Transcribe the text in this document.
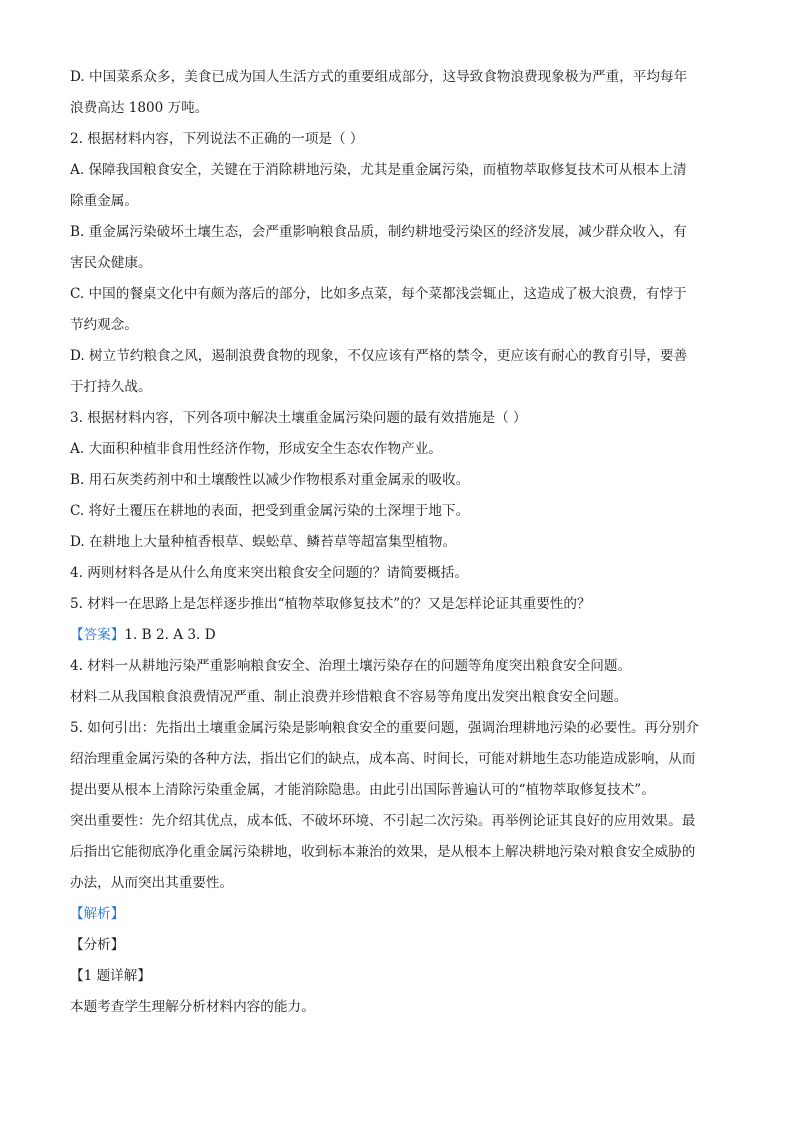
D. 中国菜系众多，美食已成为国人生活方式的重要组成部分，这导致食物浪费现象极为严重，平均每年
浪费高达 1800 万吨。
2. 根据材料内容，下列说法不正确的一项是（ ）
A. 保障我国粮食安全，关键在于消除耕地污染，尤其是重金属污染，而植物萃取修复技术可从根本上清
除重金属。
B. 重金属污染破坏土壤生态，会严重影响粮食品质，制约耕地受污染区的经济发展，减少群众收入，有
害民众健康。
C. 中国的餐桌文化中有颇为落后的部分，比如多点菜，每个菜都浅尝辄止，这造成了极大浪费，有悖于
节约观念。
D. 树立节约粮食之风，遏制浪费食物的现象，不仅应该有严格的禁令，更应该有耐心的教育引导，要善
于打持久战。
3. 根据材料内容，下列各项中解决土壤重金属污染问题的最有效措施是（ ）
A. 大面积种植非食用性经济作物，形成安全生态农作物产业。
B. 用石灰类药剂中和土壤酸性以减少作物根系对重金属汞的吸收。
C. 将好土覆压在耕地的表面，把受到重金属污染的土深埋于地下。
D. 在耕地上大量种植香根草、蜈蚣草、鳞苔草等超富集型植物。
4. 两则材料各是从什么角度来突出粮食安全问题的？请简要概括。
5. 材料一在思路上是怎样逐步推出“植物萃取修复技术”的？又是怎样论证其重要性的？
【答案】1. B 2. A 3. D
4. 材料一从耕地污染严重影响粮食安全、治理土壤污染存在的问题等角度突出粮食安全问题。
材料二从我国粮食浪费情况严重、制止浪费并珍惜粮食不容易等角度出发突出粮食安全问题。
5. 如何引出：先指出土壤重金属污染是影响粮食安全的重要问题，强调治理耕地污染的必要性。再分别介
绍治理重金属污染的各种方法，指出它们的缺点，成本高、时间长，可能对耕地生态功能造成影响，从而
提出要从根本上清除污染重金属，才能消除隐患。由此引出国际普遍认可的“植物萃取修复技术”。
突出重要性：先介绍其优点，成本低、不破坏环境、不引起二次污染。再举例论证其良好的应用效果。最
后指出它能彻底净化重金属污染耕地，收到标本兼治的效果，是从根本上解决耕地污染对粮食安全威胁的
办法，从而突出其重要性。
【解析】
【分析】
【1 题详解】
本题考查学生理解分析材料内容的能力。
